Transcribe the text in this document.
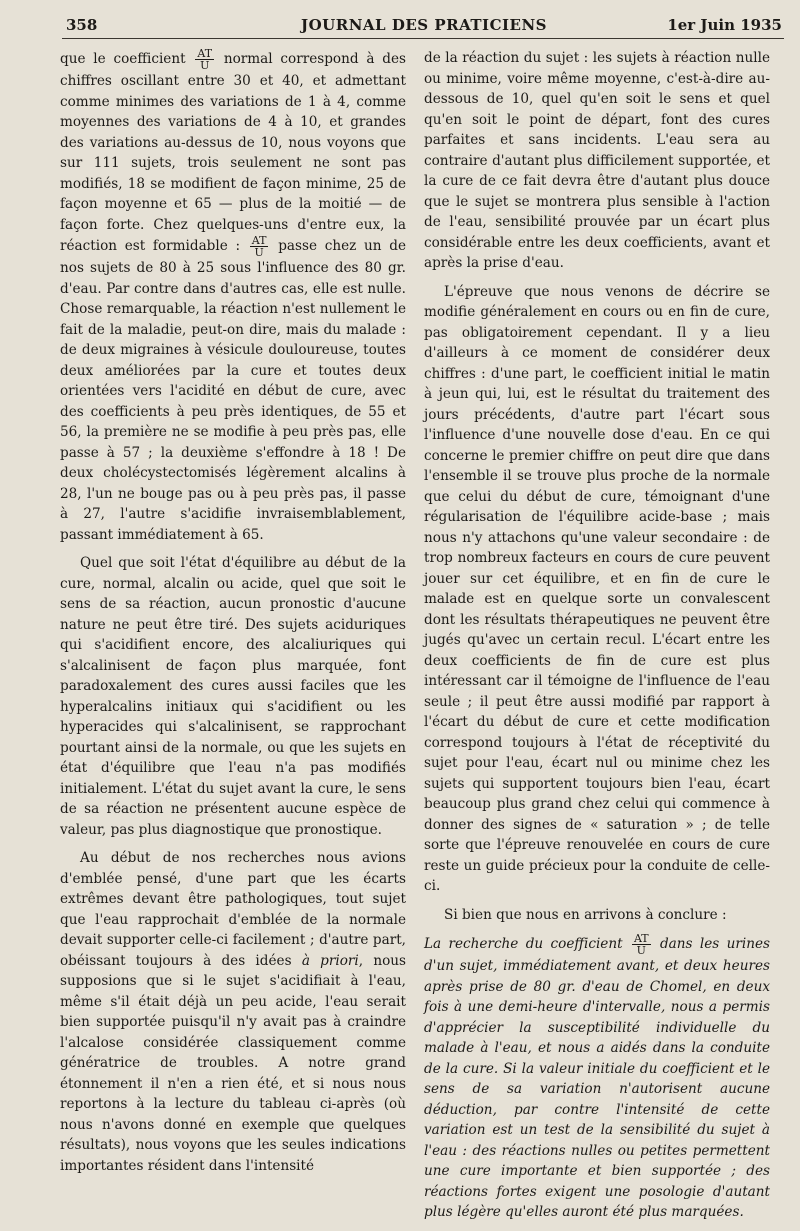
358	JOURNAL DES PRATICIENS	1er Juin 1935

que le coefficient $\frac{AT}{U}$ normal correspond à des chiffres oscillant entre 30 et 40, et admettant comme minimes des variations de 1 à 4, comme moyennes des variations de 4 à 10, et grandes des variations au-dessus de 10, nous voyons que sur 111 sujets, trois seulement ne sont pas modifiés, 18 se modifient de façon minime, 25 de façon moyenne et 65 — plus de la moitié — de façon forte. Chez quelques-uns d'entre eux, la réaction est formidable : $\frac{AT}{U}$ passe chez un de nos sujets de 80 à 25 sous l'influence des 80 gr. d'eau. Par contre dans d'autres cas, elle est nulle. Chose remarquable, la réaction n'est nullement le fait de la maladie, peut-on dire, mais du malade : de deux migraines à vésicule douloureuse, toutes deux améliorées par la cure et toutes deux orientées vers l'acidité en début de cure, avec des coefficients à peu près identiques, de 55 et 56, la première ne se modifie à peu près pas, elle passe à 57 ; la deuxième s'effondre à 18 ! De deux cholécystectomisés légèrement alcalins à 28, l'un ne bouge pas ou à peu près pas, il passe à 27, l'autre s'acidifie invraisemblablement, passant immédiatement à 65.

Quel que soit l'état d'équilibre au début de la cure, normal, alcalin ou acide, quel que soit le sens de sa réaction, aucun pronostic d'aucune nature ne peut être tiré. Des sujets aciduriques qui s'acidifient encore, des alcaliuriques qui s'alcalinisent de façon plus marquée, font paradoxalement des cures aussi faciles que les hyperalcalins initiaux qui s'acidifient ou les hyperacides qui s'alcalinisent, se rapprochant pourtant ainsi de la normale, ou que les sujets en état d'équilibre que l'eau n'a pas modifiés initialement. L'état du sujet avant la cure, le sens de sa réaction ne présentent aucune espèce de valeur, pas plus diagnostique que pronostique.

Au début de nos recherches nous avions d'emblée pensé, d'une part que les écarts extrêmes devant être pathologiques, tout sujet que l'eau rapprochait d'emblée de la normale devait supporter celle-ci facilement ; d'autre part, obéissant toujours à des idées à priori, nous supposions que si le sujet s'acidifiait à l'eau, même s'il était déjà un peu acide, l'eau serait bien supportée puisqu'il n'y avait pas à craindre l'alcalose considérée classiquement comme génératrice de troubles. A notre grand étonnement il n'en a rien été, et si nous nous reportons à la lecture du tableau ci-après (où nous n'avons donné en exemple que quelques résultats), nous voyons que les seules indications importantes résident dans l'intensité

de la réaction du sujet : les sujets à réaction nulle ou minime, voire même moyenne, c'est-à-dire au-dessous de 10, quel qu'en soit le sens et quel qu'en soit le point de départ, font des cures parfaites et sans incidents. L'eau sera au contraire d'autant plus difficilement supportée, et la cure de ce fait devra être d'autant plus douce que le sujet se montrera plus sensible à l'action de l'eau, sensibilité prouvée par un écart plus considérable entre les deux coefficients, avant et après la prise d'eau.

L'épreuve que nous venons de décrire se modifie généralement en cours ou en fin de cure, pas obligatoirement cependant. Il y a lieu d'ailleurs à ce moment de considérer deux chiffres : d'une part, le coefficient initial le matin à jeun qui, lui, est le résultat du traitement des jours précédents, d'autre part l'écart sous l'influence d'une nouvelle dose d'eau. En ce qui concerne le premier chiffre on peut dire que dans l'ensemble il se trouve plus proche de la normale que celui du début de cure, témoignant d'une régularisation de l'équilibre acide-base ; mais nous n'y attachons qu'une valeur secondaire : de trop nombreux facteurs en cours de cure peuvent jouer sur cet équilibre, et en fin de cure le malade est en quelque sorte un convalescent dont les résultats thérapeutiques ne peuvent être jugés qu'avec un certain recul. L'écart entre les deux coefficients de fin de cure est plus intéressant car il témoigne de l'influence de l'eau seule ; il peut être aussi modifié par rapport à l'écart du début de cure et cette modification correspond toujours à l'état de réceptivité du sujet pour l'eau, écart nul ou minime chez les sujets qui supportent toujours bien l'eau, écart beaucoup plus grand chez celui qui commence à donner des signes de « saturation » ; de telle sorte que l'épreuve renouvelée en cours de cure reste un guide précieux pour la conduite de celle-ci.

Si bien que nous en arrivons à conclure :

La recherche du coefficient $\frac{AT}{U}$ dans les urines d'un sujet, immédiatement avant, et deux heures après prise de 80 gr. d'eau de Chomel, en deux fois à une demi-heure d'intervalle, nous a permis d'apprécier la susceptibilité individuelle du malade à l'eau, et nous a aidés dans la conduite de la cure. Si la valeur initiale du coefficient et le sens de sa variation n'autorisent aucune déduction, par contre l'intensité de cette variation est un test de la sensibilité du sujet à l'eau : des réactions nulles ou petites permettent une cure importante et bien supportée ; des réactions fortes exigent une posologie d'autant plus légère qu'elles auront été plus marquées.
